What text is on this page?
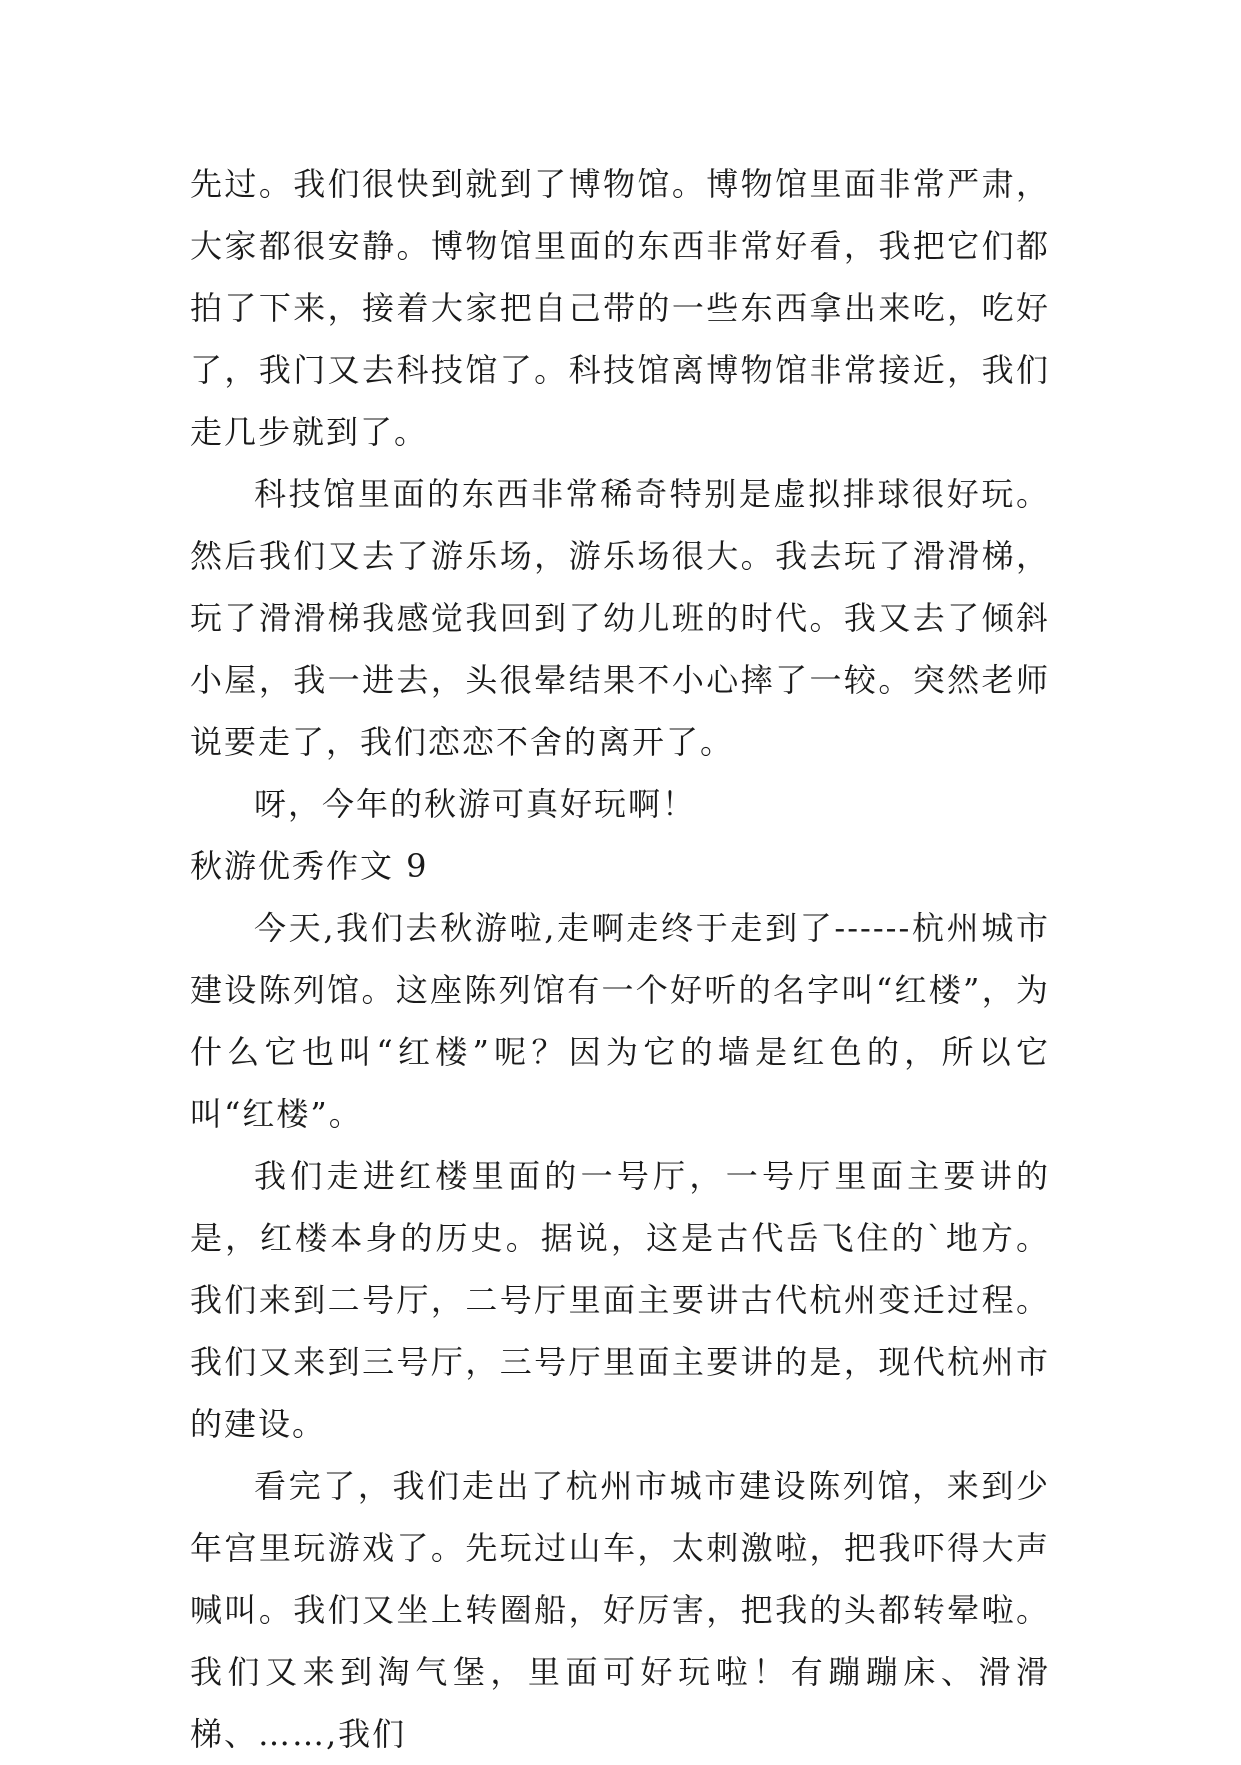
先过。我们很快到就到了博物馆。博物馆里面非常严肃，大家都很安静。博物馆里面的东西非常好看，我把它们都拍了下来，接着大家把自己带的一些东西拿出来吃，吃好了，我门又去科技馆了。科技馆离博物馆非常接近，我们走几步就到了。

科技馆里面的东西非常稀奇特别是虚拟排球很好玩。然后我们又去了游乐场，游乐场很大。我去玩了滑滑梯，玩了滑滑梯我感觉我回到了幼儿班的时代。我又去了倾斜小屋，我一进去，头很晕结果不小心摔了一较。突然老师说要走了，我们恋恋不舍的离开了。

呀，今年的秋游可真好玩啊！

秋游优秀作文 9

今天,我们去秋游啦,走啊走终于走到了------杭州城市建设陈列馆。这座陈列馆有一个好听的名字叫“红楼”，为什么它也叫“红楼”呢？因为它的墙是红色的，所以它叫“红楼”。

我们走进红楼里面的一号厅，一号厅里面主要讲的是，红楼本身的历史。据说，这是古代岳飞住的`地方。我们来到二号厅，二号厅里面主要讲古代杭州变迁过程。我们又来到三号厅，三号厅里面主要讲的是，现代杭州市的建设。

看完了，我们走出了杭州市城市建设陈列馆，来到少年宫里玩游戏了。先玩过山车，太刺激啦，把我吓得大声喊叫。我们又坐上转圈船，好厉害，把我的头都转晕啦。我们又来到淘气堡，里面可好玩啦！有蹦蹦床、滑滑梯、……,我们
